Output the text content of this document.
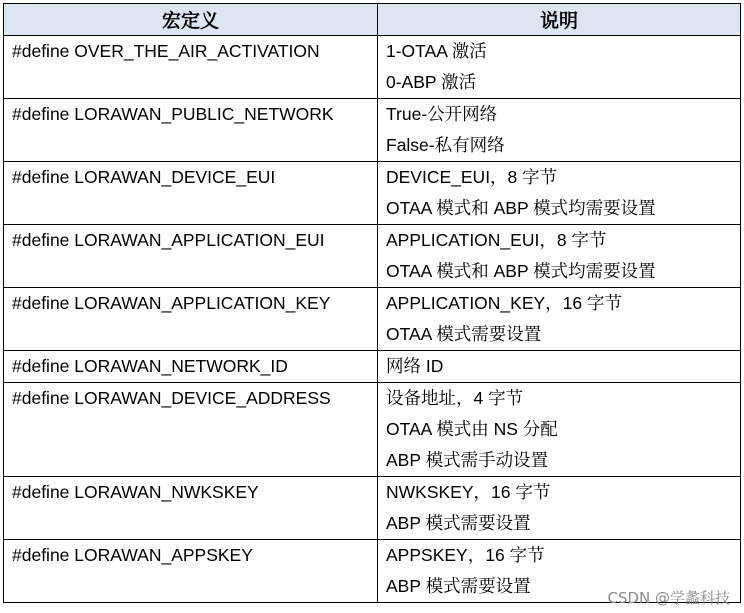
宏定义	说明
#define OVER_THE_AIR_ACTIVATION	1-OTAA 激活
0-ABP 激活

#define LORAWAN_PUBLIC_NETWORK	True-公开网络
False-私有网络

#define LORAWAN_DEVICE_EUI	DEVICE_EUI，8 字节
OTAA 模式和 ABP 模式均需要设置

#define LORAWAN_APPLICATION_EUI	APPLICATION_EUI，8 字节
OTAA 模式和 ABP 模式均需要设置

#define LORAWAN_APPLICATION_KEY	APPLICATION_KEY，16 字节
OTAA 模式需要设置

#define LORAWAN_NETWORK_ID	网络 ID

#define LORAWAN_DEVICE_ADDRESS	设备地址，4 字节
OTAA 模式由 NS 分配
ABP 模式需手动设置

#define LORAWAN_NWKSKEY	NWKSKEY，16 字节
ABP 模式需要设置

#define LORAWAN_APPSKEY	APPSKEY，16 字节
ABP 模式需要设置
CSDN @学蠡科技
